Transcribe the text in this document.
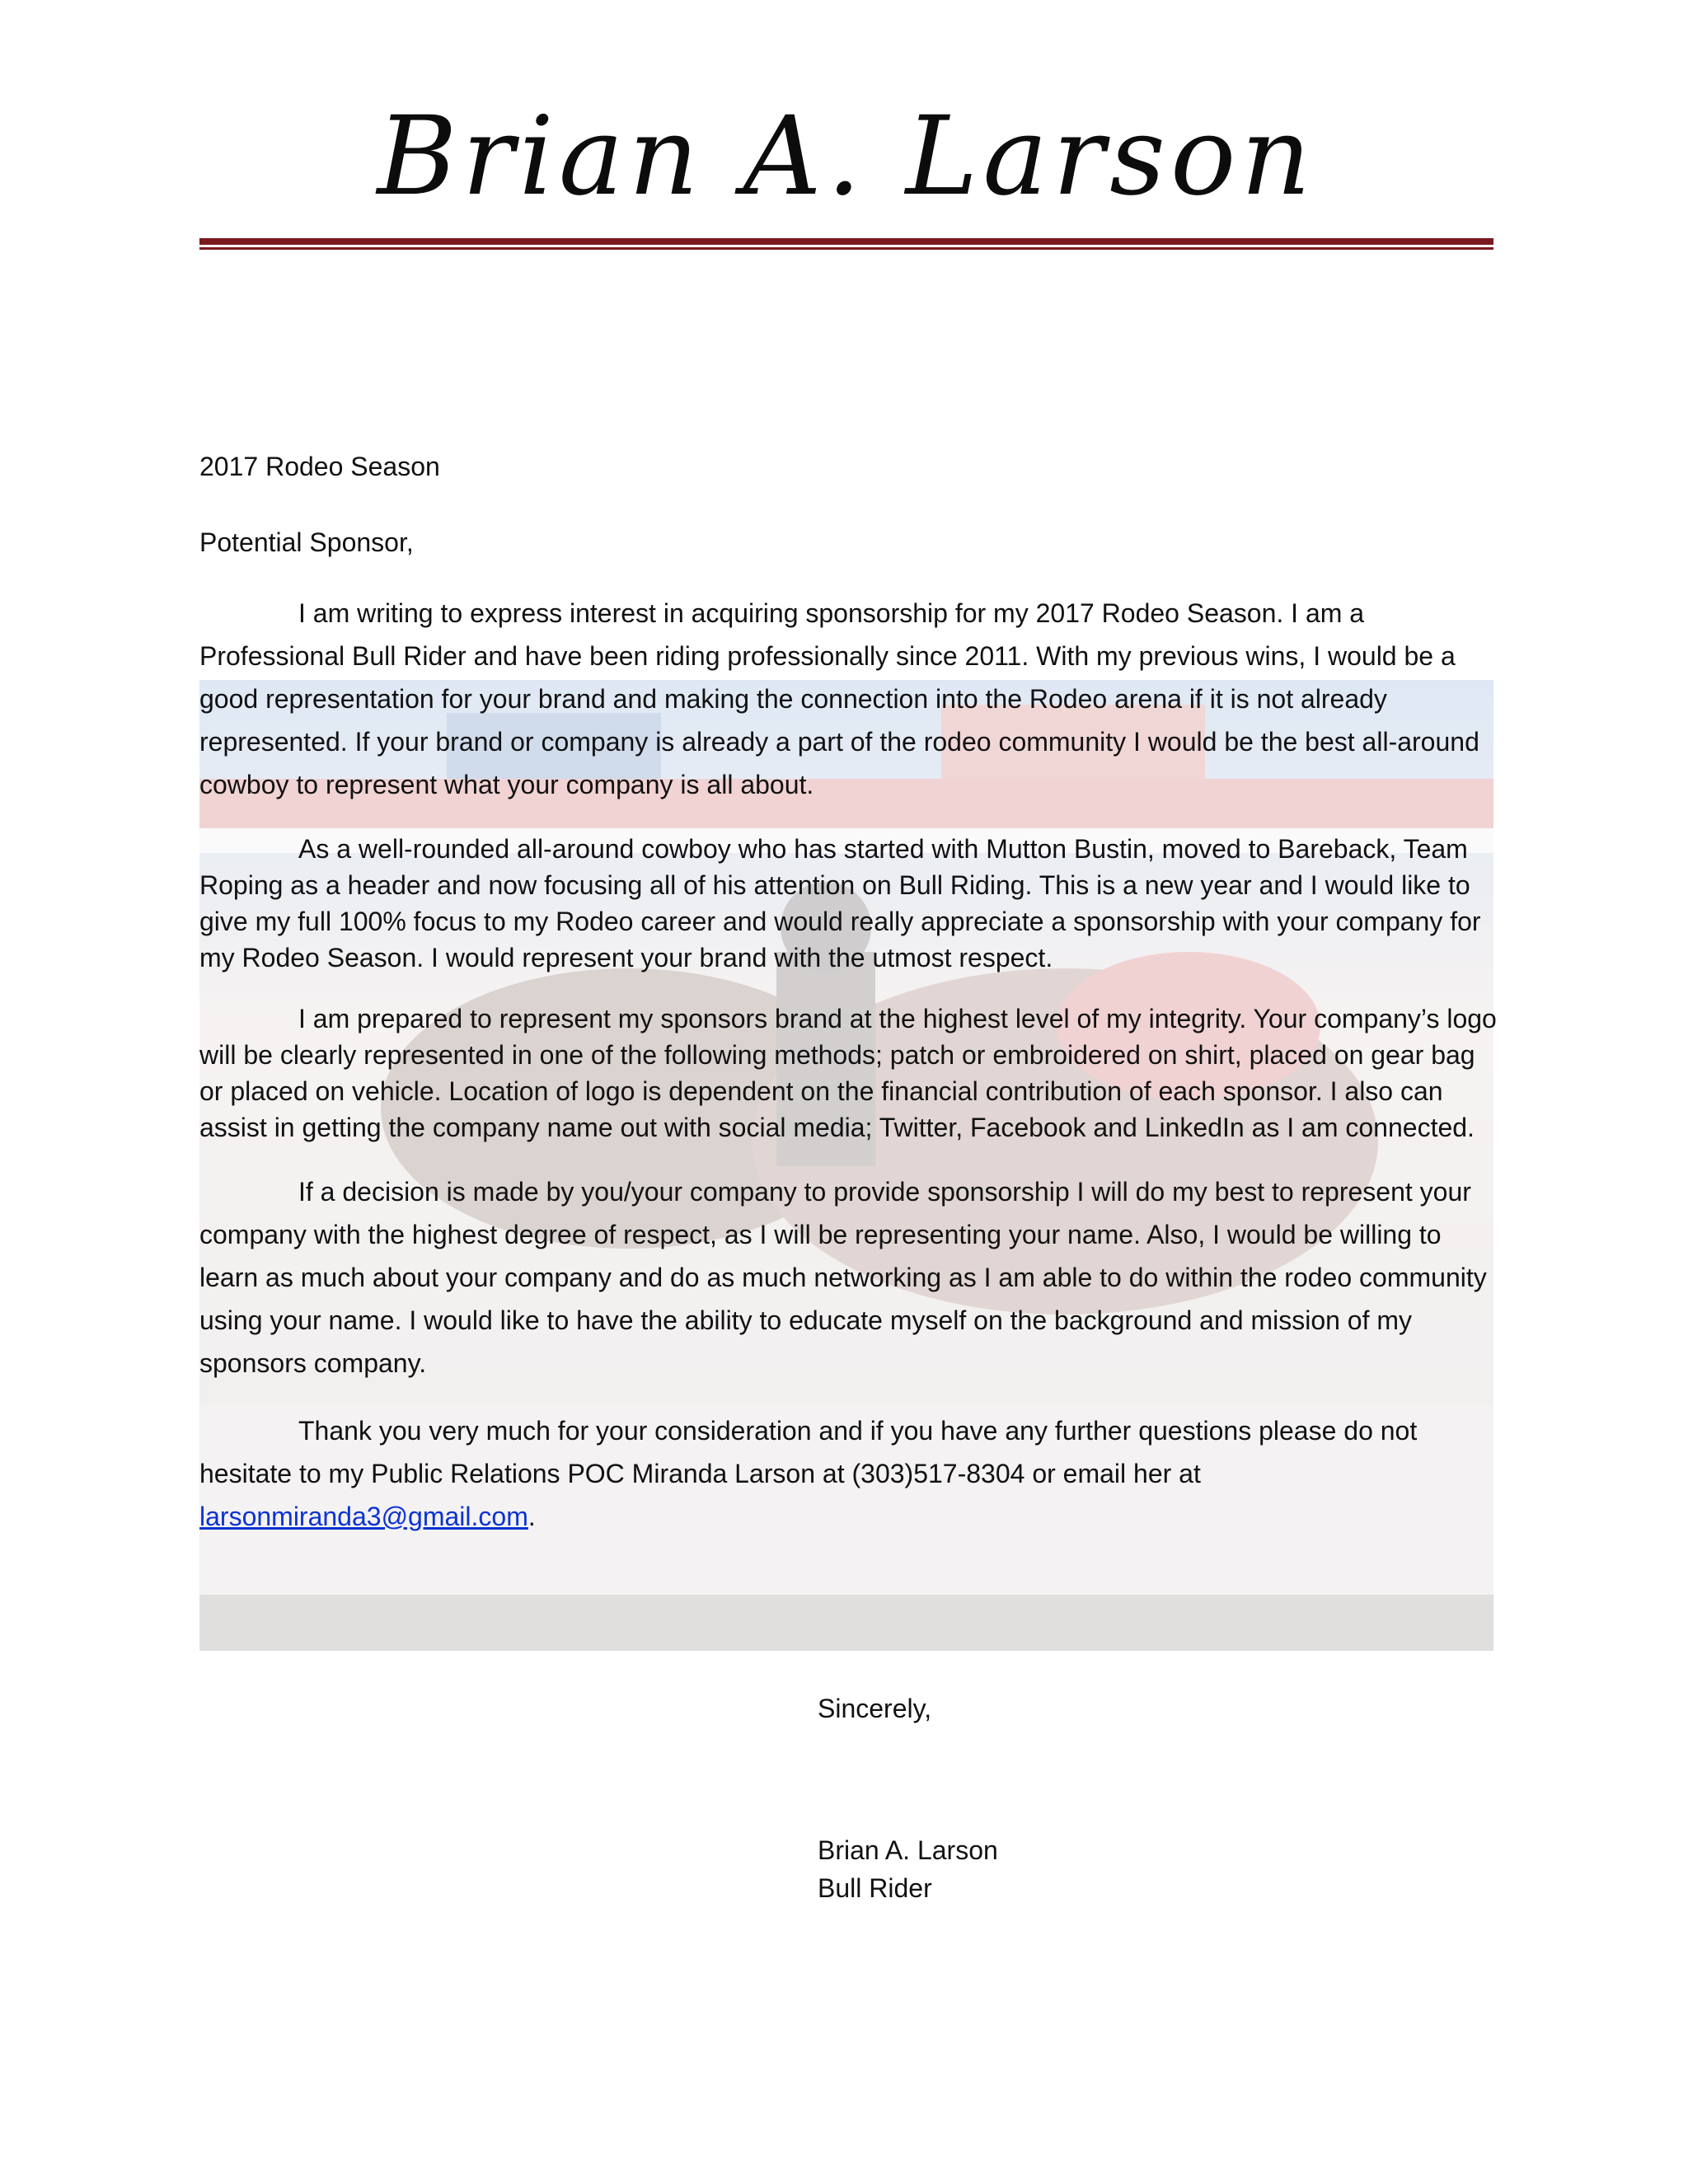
Brian A. Larson

2017 Rodeo Season

Potential Sponsor,

I am writing to express interest in acquiring sponsorship for my 2017 Rodeo Season. I am a Professional Bull Rider and have been riding professionally since 2011. With my previous wins, I would be a good representation for your brand and making the connection into the Rodeo arena if it is not already represented. If your brand or company is already a part of the rodeo community I would be the best all-around cowboy to represent what your company is all about.

As a well-rounded all-around cowboy who has started with Mutton Bustin, moved to Bareback, Team Roping as a header and now focusing all of his attention on Bull Riding. This is a new year and I would like to give my full 100% focus to my Rodeo career and would really appreciate a sponsorship with your company for my Rodeo Season. I would represent your brand with the utmost respect.

I am prepared to represent my sponsors brand at the highest level of my integrity. Your company’s logo will be clearly represented in one of the following methods; patch or embroidered on shirt, placed on gear bag or placed on vehicle. Location of logo is dependent on the financial contribution of each sponsor. I also can assist in getting the company name out with social media; Twitter, Facebook and LinkedIn as I am connected.

If a decision is made by you/your company to provide sponsorship I will do my best to represent your company with the highest degree of respect, as I will be representing your name. Also, I would be willing to learn as much about your company and do as much networking as I am able to do within the rodeo community using your name. I would like to have the ability to educate myself on the background and mission of my sponsors company.

Thank you very much for your consideration and if you have any further questions please do not hesitate to my Public Relations POC Miranda Larson at (303)517-8304 or email her at larsonmiranda3@gmail.com.

Sincerely,
Brian A. Larson
Bull Rider
